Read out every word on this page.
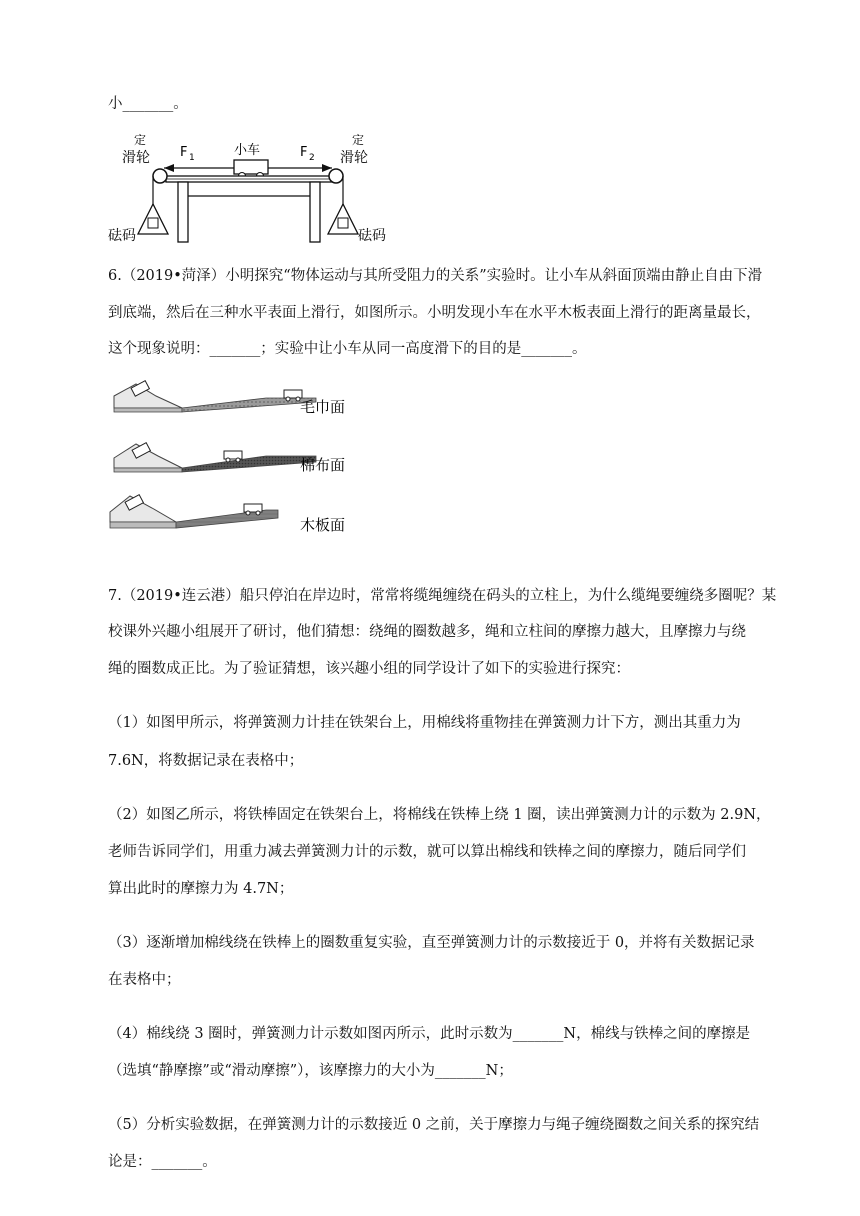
小_______。
定
滑轮
定
滑轮
F 1	F 2
小车
砝码	砝码
6.（2019•菏泽）小明探究“物体运动与其所受阻力的关系”实验时。让小车从斜面顶端由静止自由下滑
到底端，然后在三种水平表面上滑行，如图所示。小明发现小车在水平木板表面上滑行的距离量最长，
这个现象说明：_______；实验中让小车从同一高度滑下的目的是_______。
毛巾面
棉布面
木板面
7.（2019•连云港）船只停泊在岸边时，常常将缆绳缠绕在码头的立柱上，为什么缆绳要缠绕多圈呢？某
校课外兴趣小组展开了研讨，他们猜想：绕绳的圈数越多，绳和立柱间的摩擦力越大，且摩擦力与绕
绳的圈数成正比。为了验证猜想，该兴趣小组的同学设计了如下的实验进行探究：
（1）如图甲所示，将弹簧测力计挂在铁架台上，用棉线将重物挂在弹簧测力计下方，测出其重力为
7.6N，将数据记录在表格中；
（2）如图乙所示，将铁棒固定在铁架台上，将棉线在铁棒上绕 1 圈，读出弹簧测力计的示数为 2.9N，
老师告诉同学们，用重力减去弹簧测力计的示数，就可以算出棉线和铁棒之间的摩擦力，随后同学们
算出此时的摩擦力为 4.7N；
（3）逐渐增加棉线绕在铁棒上的圈数重复实验，直至弹簧测力计的示数接近于 0，并将有关数据记录
在表格中；
（4）棉线绕 3 圈时，弹簧测力计示数如图丙所示，此时示数为_______N，棉线与铁棒之间的摩擦是
（选填“静摩擦”或“滑动摩擦”），该摩擦力的大小为_______N；
（5）分析实验数据，在弹簧测力计的示数接近 0 之前，关于摩擦力与绳子缠绕圈数之间关系的探究结
论是：_______。
